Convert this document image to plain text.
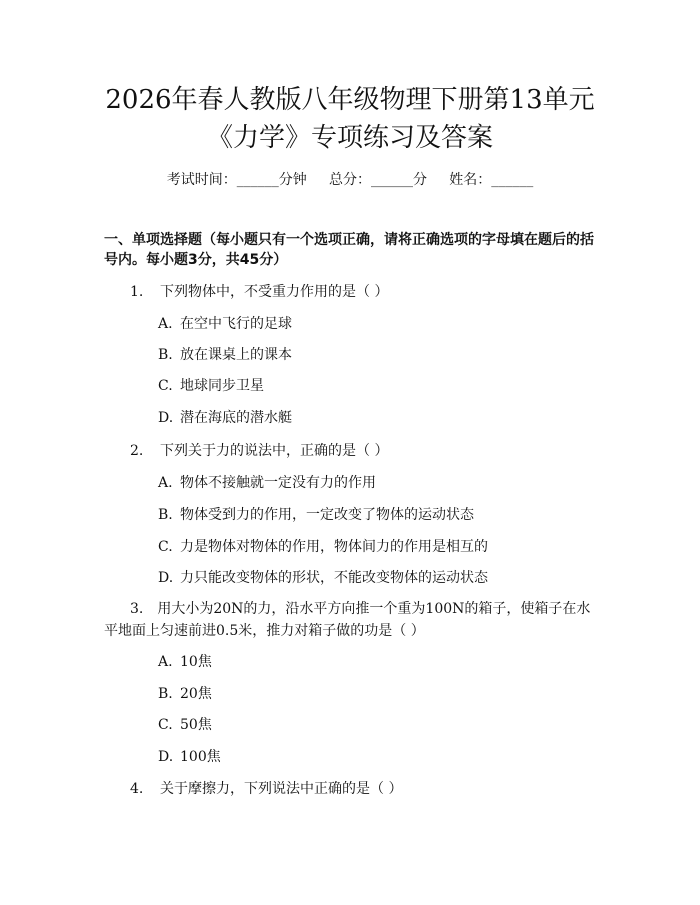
2026年春人教版八年级物理下册第13单元
《力学》专项练习及答案
考试时间：______分钟     总分：______分     姓名：______
一、单项选择题（每小题只有一个选项正确，请将正确选项的字母填在题后的括号内。每小题3分，共45分）
1. 下列物体中，不受重力作用的是（ ）
A. 在空中飞行的足球
B. 放在课桌上的课本
C. 地球同步卫星
D. 潜在海底的潜水艇
2. 下列关于力的说法中，正确的是（ ）
A. 物体不接触就一定没有力的作用
B. 物体受到力的作用，一定改变了物体的运动状态
C. 力是物体对物体的作用，物体间力的作用是相互的
D. 力只能改变物体的形状，不能改变物体的运动状态
3.  用大小为20N的力，沿水平方向推一个重为100N的箱子，使箱子在水平地面上匀速前进0.5米，推力对箱子做的功是（ ）
A. 10焦
B. 20焦
C. 50焦
D. 100焦
4. 关于摩擦力，下列说法中正确的是（ ）
